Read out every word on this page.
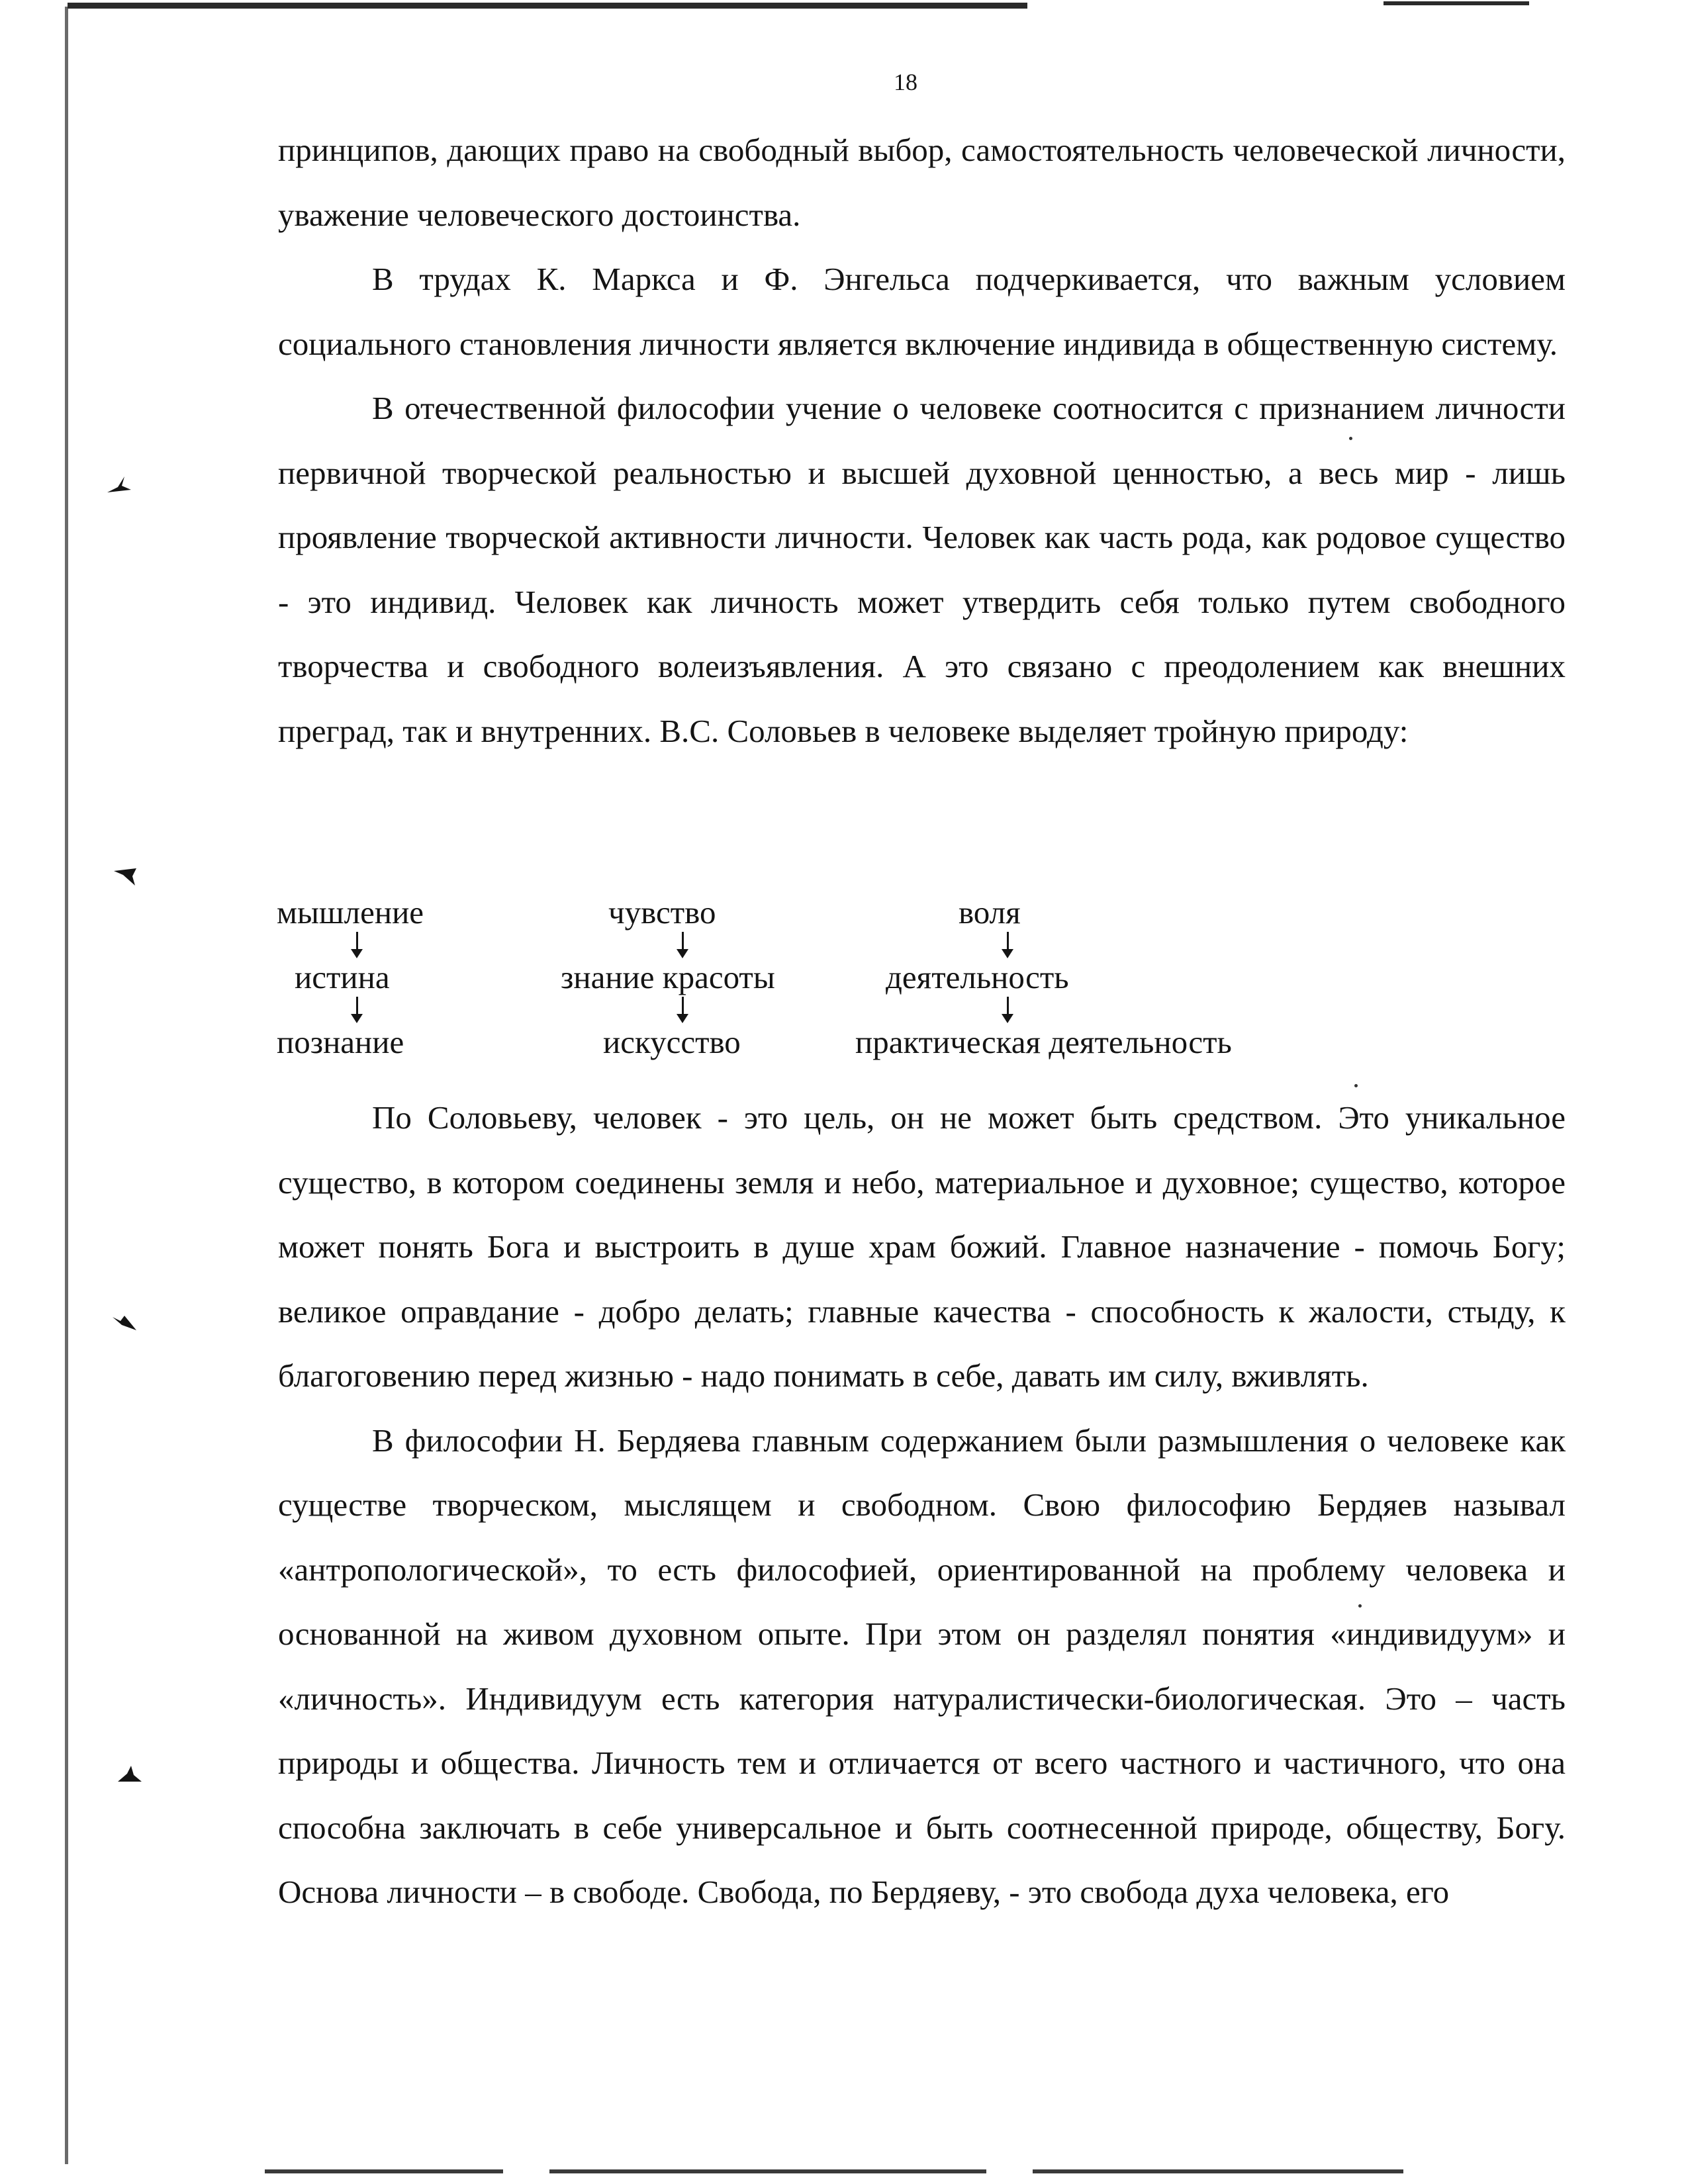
18

принципов, дающих право на свободный выбор, самостоятельность человеческой личности, уважение человеческого достоинства.

В трудах К. Маркса и Ф. Энгельса подчеркивается, что важным условием социального становления личности является включение индивида в общественную систему.

В отечественной философии учение о человеке соотносится с признанием личности первичной творческой реальностью и высшей духовной ценностью, а весь мир - лишь проявление творческой активности личности. Человек как часть рода, как родовое существо - это индивид. Человек как личность может утвердить себя только путем свободного творчества и свободного волеизъявления. А это связано с преодолением как внешних преград, так и внутренних. В.С. Соловьев в человеке выделяет тройную природу:

мышление
истина
познание
чувство
знание красоты
искусство
воля
деятельность
практическая деятельность

По Соловьеву, человек - это цель, он не может быть средством. Это уникальное существо, в котором соединены земля и небо, материальное и духовное; существо, которое может понять Бога и выстроить в душе храм божий. Главное назначение - помочь Богу; великое оправдание - добро делать; главные качества - способность к жалости, стыду, к благоговению перед жизнью - надо понимать в себе, давать им силу, вживлять.

В философии Н. Бердяева главным содержанием были размышления о человеке как существе творческом, мыслящем и свободном. Свою философию Бердяев называл «антропологической», то есть философией, ориентированной на проблему человека и основанной на живом духовном опыте. При этом он разделял понятия «индивидуум» и «личность». Индивидуум есть категория натуралистически-биологическая. Это – часть природы и общества. Личность тем и отличается от всего частного и частичного, что она способна заключать в себе универсальное и быть соотнесенной природе, обществу, Богу. Основа личности – в свободе. Свобода, по Бердяеву, - это свобода духа человека, его
